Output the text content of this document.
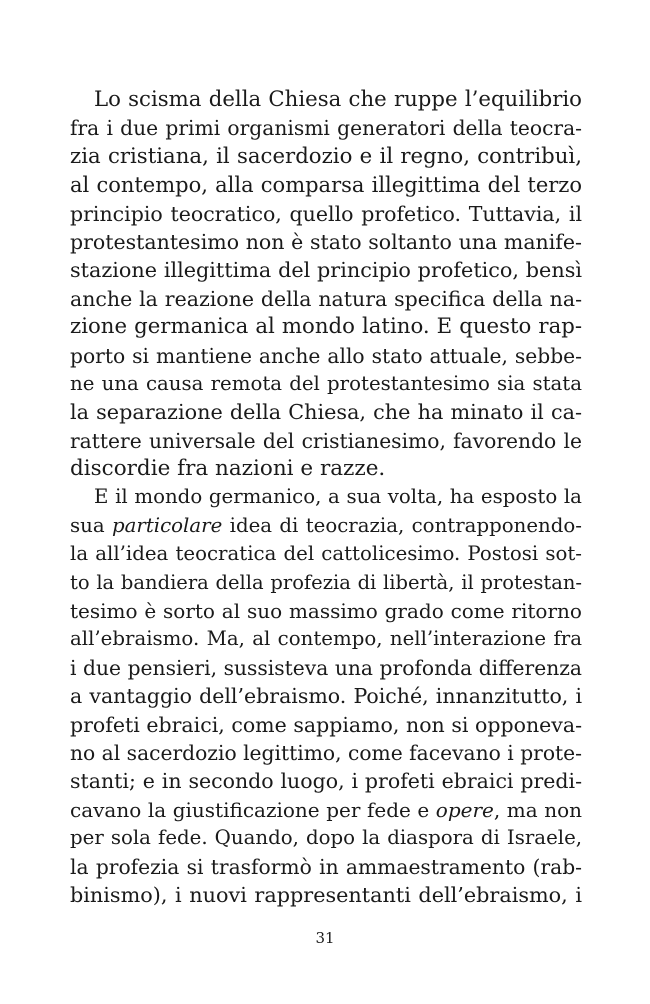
Lo scisma della Chiesa che ruppe l’equilibrio
fra i due primi organismi generatori della teocra-
zia cristiana, il sacerdozio e il regno, contribuì,
al contempo, alla comparsa illegittima del terzo
principio teocratico, quello profetico. Tuttavia, il
protestantesimo non è stato soltanto una manife-
stazione illegittima del principio profetico, bensì
anche la reazione della natura specifica della na-
zione germanica al mondo latino. E questo rap-
porto si mantiene anche allo stato attuale, sebbe-
ne una causa remota del protestantesimo sia stata
la separazione della Chiesa, che ha minato il ca-
rattere universale del cristianesimo, favorendo le
discordie fra nazioni e razze.
E il mondo germanico, a sua volta, ha esposto la
sua particolare idea di teocrazia, contrapponendo-
la all’idea teocratica del cattolicesimo. Postosi sot-
to la bandiera della profezia di libertà, il protestan-
tesimo è sorto al suo massimo grado come ritorno
all’ebraismo. Ma, al contempo, nell’interazione fra
i due pensieri, sussisteva una profonda differenza
a vantaggio dell’ebraismo. Poiché, innanzitutto, i
profeti ebraici, come sappiamo, non si opponeva-
no al sacerdozio legittimo, come facevano i prote-
stanti; e in secondo luogo, i profeti ebraici predi-
cavano la giustificazione per fede e opere, ma non
per sola fede. Quando, dopo la diaspora di Israele,
la profezia si trasformò in ammaestramento (rab-
binismo), i nuovi rappresentanti dell’ebraismo, i
31
